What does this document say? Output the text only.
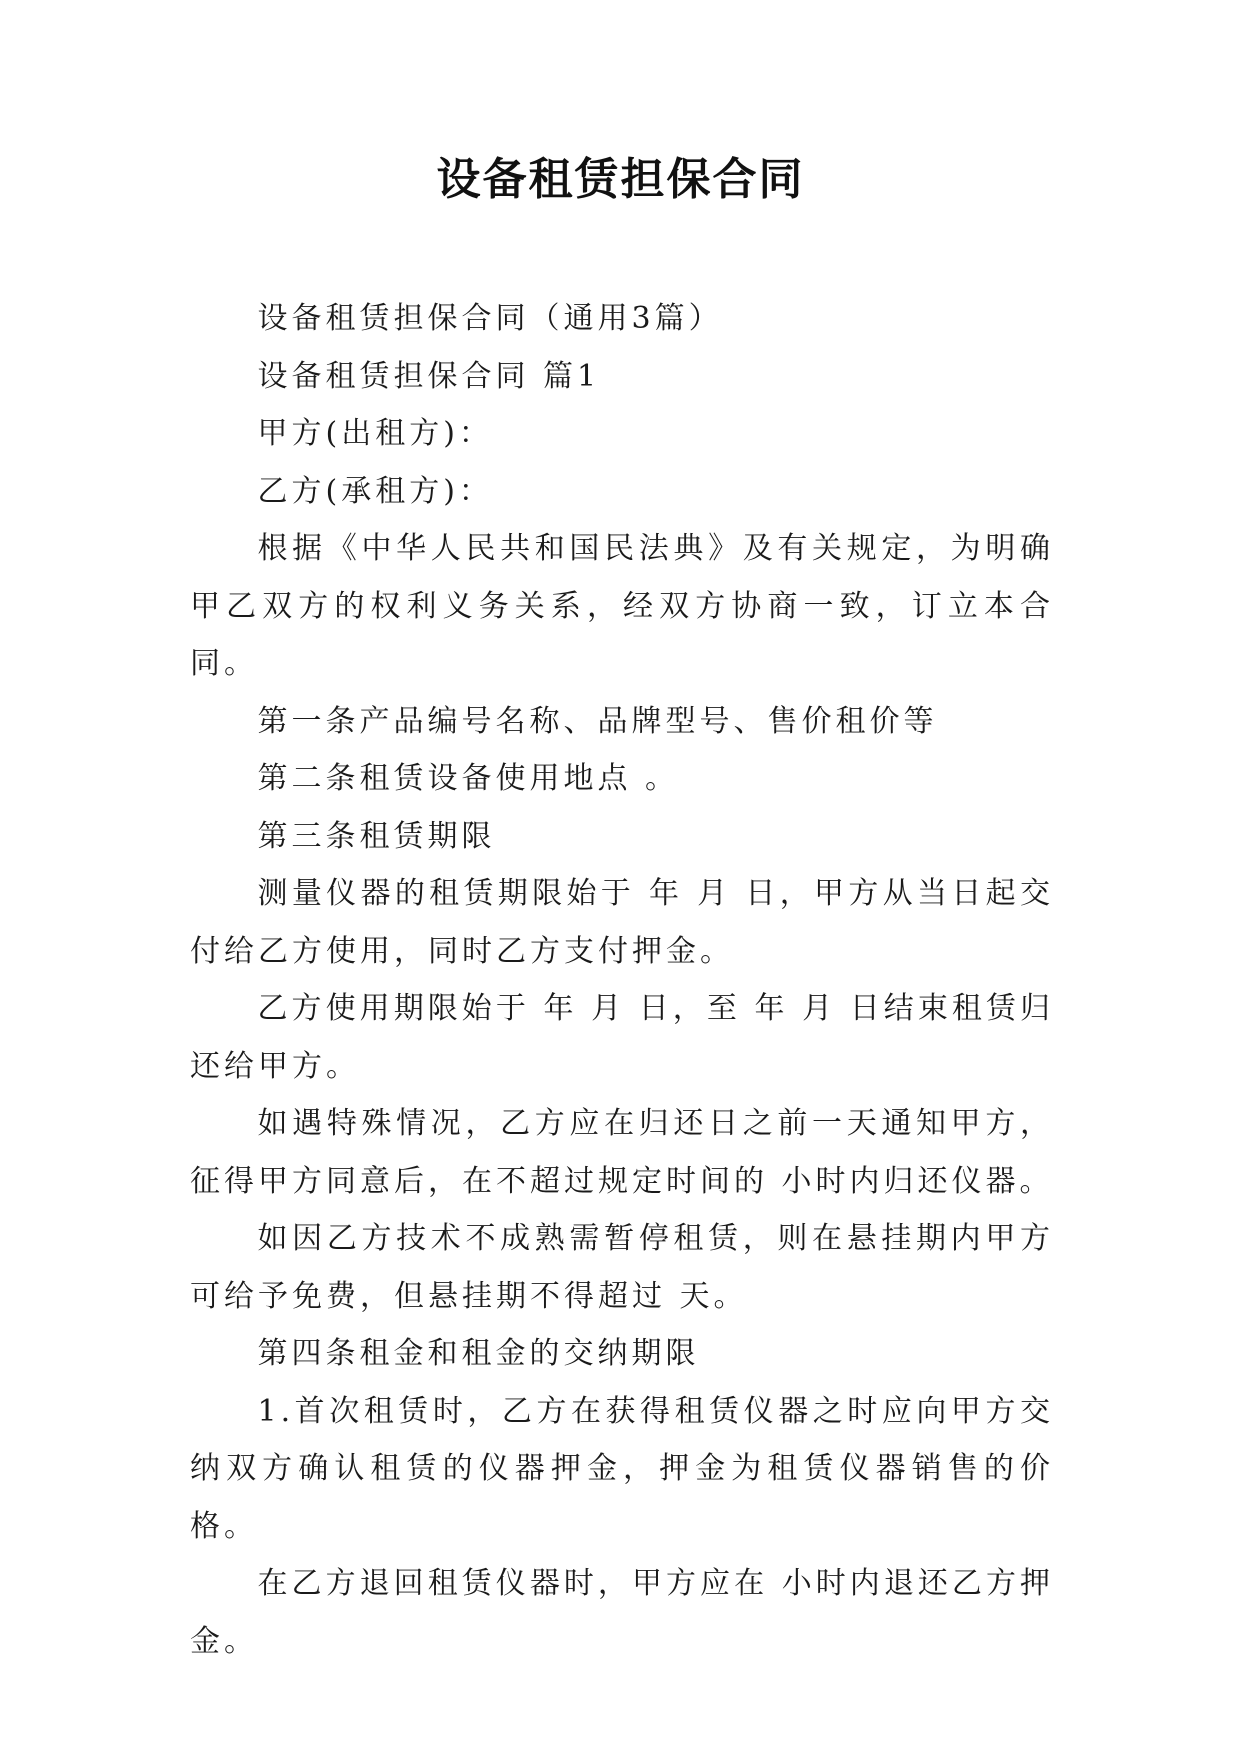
设备租赁担保合同

设备租赁担保合同（通用3篇）

设备租赁担保合同 篇1

甲方(出租方)：

乙方(承租方)：

根据《中华人民共和国民法典》及有关规定，为明确甲乙双方的权利义务关系，经双方协商一致，订立本合同。

第一条产品编号名称、品牌型号、售价租价等

第二条租赁设备使用地点 。

第三条租赁期限

测量仪器的租赁期限始于 年 月 日，甲方从当日起交付给乙方使用，同时乙方支付押金。

乙方使用期限始于 年 月 日，至 年 月 日结束租赁归还给甲方。

如遇特殊情况，乙方应在归还日之前一天通知甲方，征得甲方同意后，在不超过规定时间的 小时内归还仪器。

如因乙方技术不成熟需暂停租赁，则在悬挂期内甲方可给予免费，但悬挂期不得超过 天。

第四条租金和租金的交纳期限

1.首次租赁时，乙方在获得租赁仪器之时应向甲方交纳双方确认租赁的仪器押金，押金为租赁仪器销售的价格。

在乙方退回租赁仪器时，甲方应在 小时内退还乙方押金。
